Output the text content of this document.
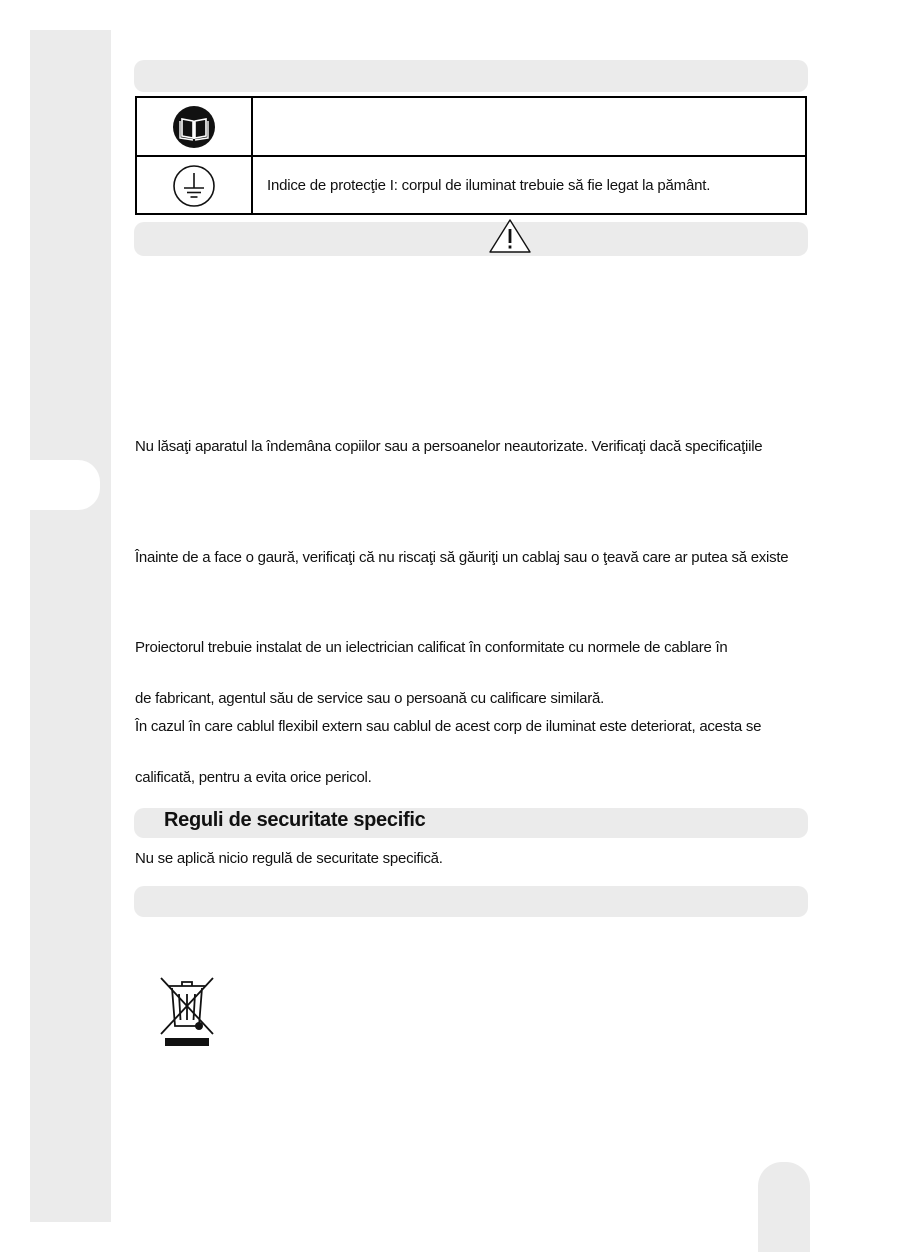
Indice de protecţie I: corpul de iluminat trebuie să fie legat la pământ.
Nu lăsaţi aparatul la îndemâna copiilor sau a persoanelor neautorizate. Verificaţi dacă specificaţiile
Înainte de a face o gaură, verificaţi că nu riscaţi să găuriţi un cablaj sau o ţeavă care ar putea să existe
Proiectorul trebuie instalat de un ielectrician calificat în conformitate cu normele de cablare în
de fabricant, agentul său de service sau o persoană cu calificare similară.
În cazul în care cablul flexibil extern sau cablul de acest corp de iluminat este deteriorat, acesta se
calificată, pentru a evita orice pericol.
Reguli de securitate specific
Nu se aplică nicio regulă de securitate specifică.
